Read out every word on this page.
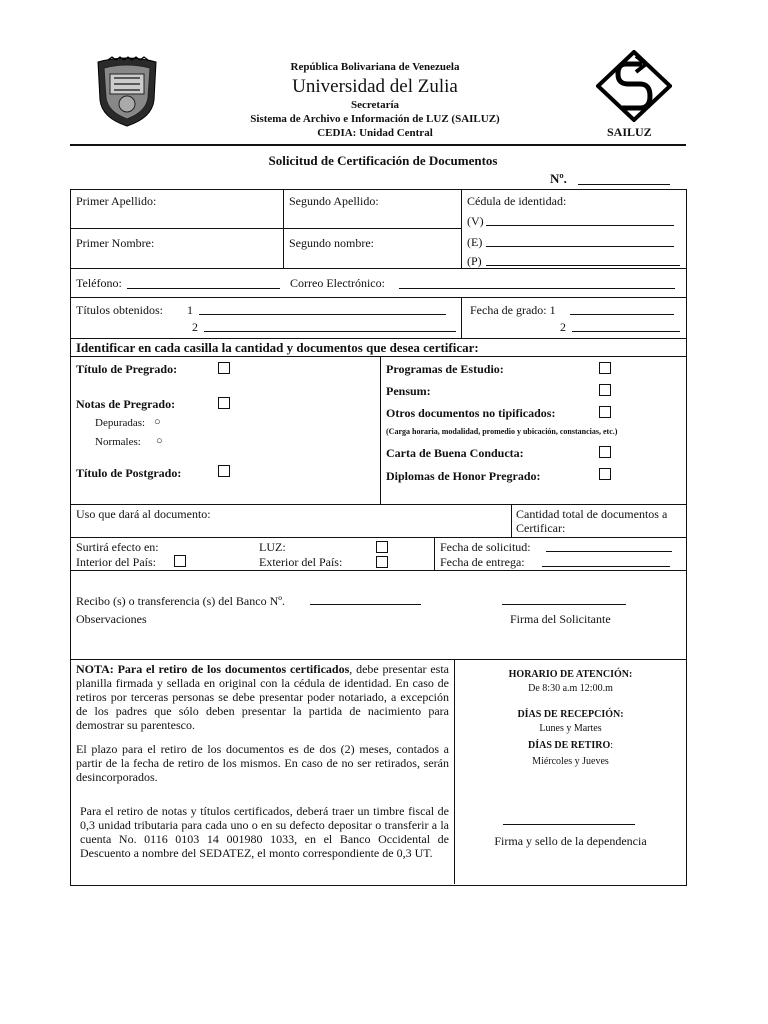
República Bolivariana de Venezuela
Universidad del Zulia
Secretaría
Sistema de Archivo e Información de LUZ (SAILUZ)
CEDIA: Unidad Central	SAILUZ
Solicitud de Certificación de Documentos
Nº.
Primer Apellido:	Segundo Apellido:	Cédula de identidad:
(V)
(E)
(P)
Primer Nombre:	Segundo nombre:
Teléfono:	Correo Electrónico:
Títulos obtenidos: 1
2
Fecha de grado: 1
2
Identificar en cada casilla la cantidad y documentos que desea certificar:
Título de Pregrado:
Notas de Pregrado:
Depuradas: ○
Normales: ○
Título de Postgrado:
Programas de Estudio:
Pensum:
Otros documentos no tipificados:
(Carga horaria, modalidad, promedio y ubicación, constancias, etc.)
Carta de Buena Conducta:
Diplomas de Honor Pregrado:
Uso que dará al documento:	Cantidad total de documentos a Certificar:
Surtirá efecto en:	LUZ:
Interior del País:	Exterior del País:
Fecha de solicitud:
Fecha de entrega:
Recibo (s) o transferencia (s) del Banco Nº.
Observaciones	Firma del Solicitante

NOTA: Para el retiro de los documentos certificados, debe presentar esta planilla firmada y sellada en original con la cédula de identidad. En caso de retiros por terceras personas se debe presentar poder notariado, a excepción de los padres que sólo deben presentar la partida de nacimiento para demostrar su parentesco.

El plazo para el retiro de los documentos es de dos (2) meses, contados a partir de la fecha de retiro de los mismos. En caso de no ser retirados, serán desincorporados.

Para el retiro de notas y títulos certificados, deberá traer un timbre fiscal de 0,3 unidad tributaria para cada uno o en su defecto depositar o transferir a la cuenta No. 0116 0103 14 001980 1033, en el Banco Occidental de Descuento a nombre del SEDATEZ, el monto correspondiente de 0,3 UT.

HORARIO DE ATENCIÓN:
De 8:30 a.m 12:00.m
DÍAS DE RECEPCIÓN:
Lunes y Martes
DÍAS DE RETIRO:
Miércoles y Jueves
Firma y sello de la dependencia
